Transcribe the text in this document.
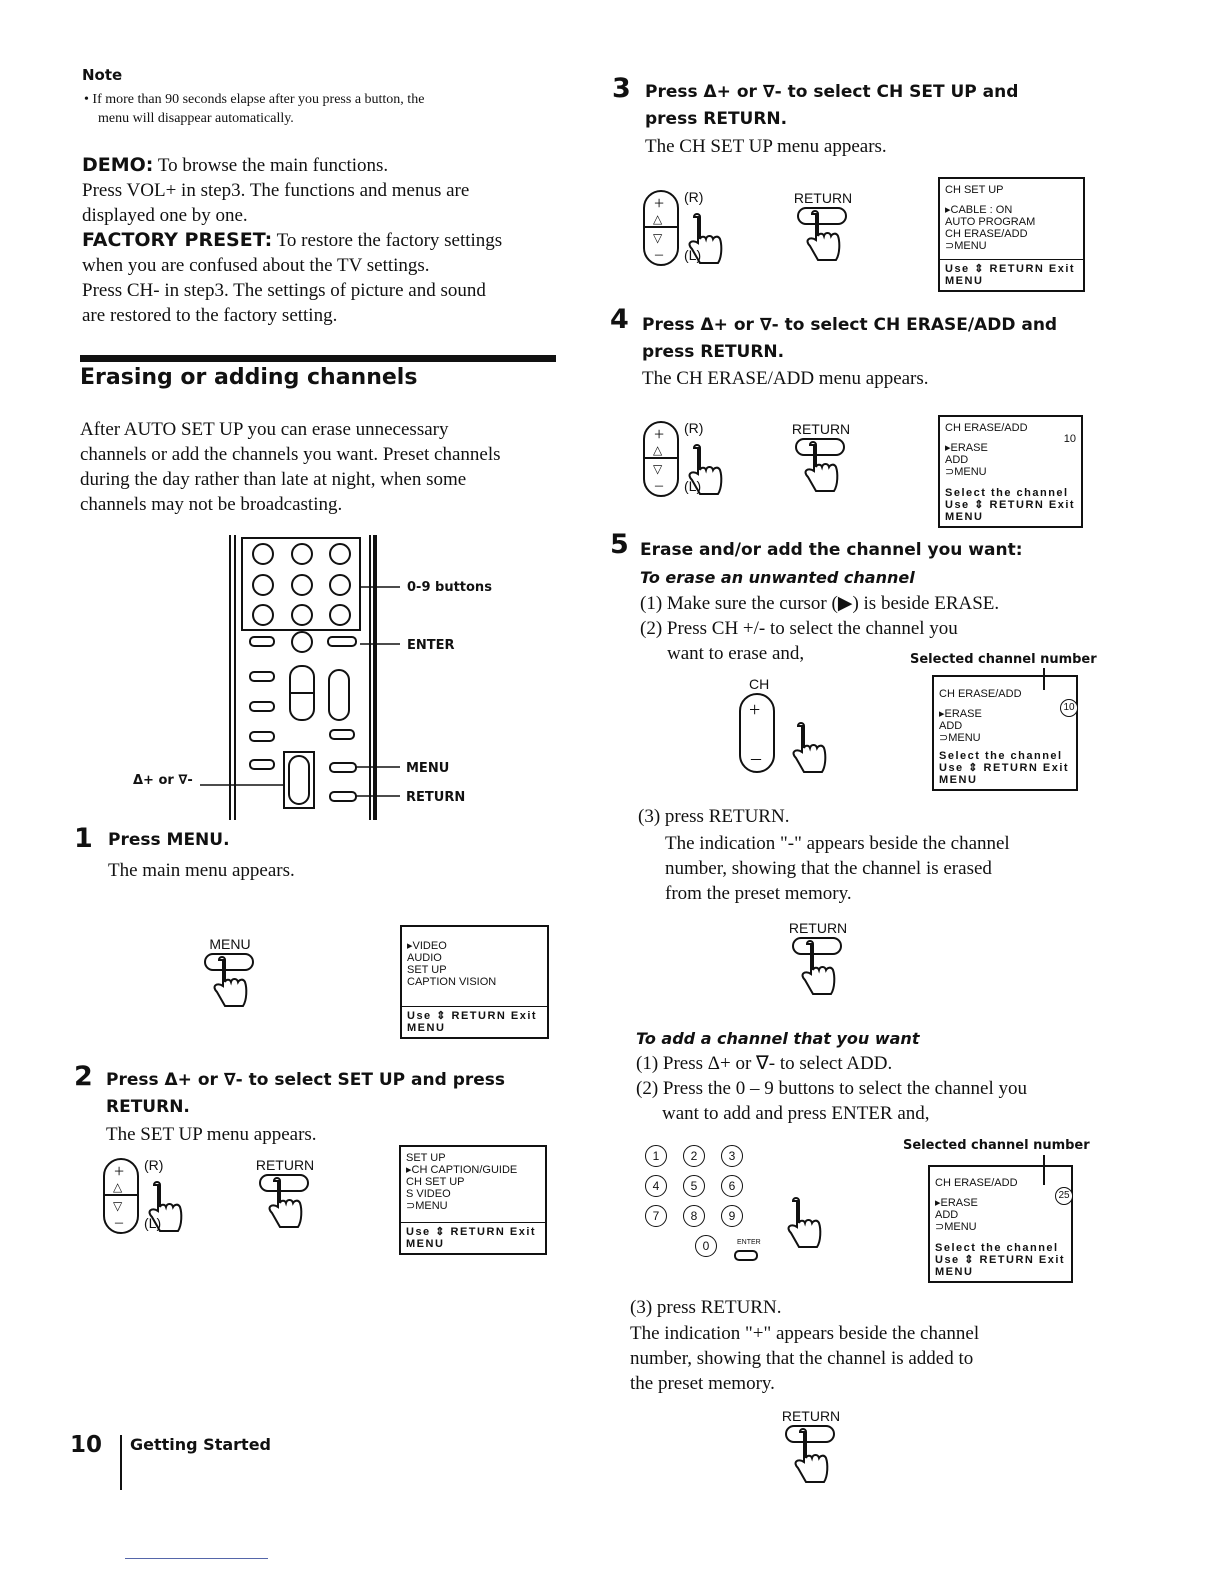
Note
• If more than 90 seconds elapse after you press a button, the
menu will disappear automatically.
DEMO: To browse the main functions.
Press VOL+ in step3. The functions and menus are
displayed one by one.
FACTORY PRESET: To restore the factory settings
when you are confused about the TV settings.
Press CH- in step3. The settings of picture and sound
are restored to the factory setting.
Erasing or adding channels
After AUTO SET UP you can erase unnecessary
channels or add the channels you want. Preset channels
during the day rather than late at night, when some
channels may not be broadcasting.
0-9 buttons
ENTER
MENU
RETURN
Δ+ or ∇-
1 Press MENU.
The main menu appears.
MENU	▸VIDEO
AUDIO
SET UP
CAPTION VISION
Use ⇕ RETURN Exit MENU
2 Press Δ+ or ∇- to select SET UP and press
RETURN.
The SET UP menu appears.
+
△
▽
–
(R)
(L)
RETURN	SET UP
▸CH CAPTION/GUIDE
CH SET UP
S VIDEO
⊃MENU
Use ⇕ RETURN Exit MENU
10 Getting Started
3 Press Δ+ or ∇- to select CH SET UP and
press RETURN.
The CH SET UP menu appears.
+
△
▽
–
(R)
(L)
RETURN	CH SET UP
▸CABLE : ON
AUTO PROGRAM
CH ERASE/ADD
⊃MENU
Use ⇕ RETURN Exit MENU
4 Press Δ+ or ∇- to select CH ERASE/ADD and
press RETURN.
The CH ERASE/ADD menu appears.
+
△
▽
–
(R)
(L)
RETURN	CH ERASE/ADD
10
▸ERASE
ADD
⊃MENU
Select the channel
Use ⇕ RETURN Exit MENU
5 Erase and/or add the channel you want:
To erase an unwanted channel
(1) Make sure the cursor (▶) is beside ERASE.
(2) Press CH +/- to select the channel you
want to erase and,	Selected channel number
CH
+
–
CH ERASE/ADD
10
▸ERASE
ADD
⊃MENU
Select the channel
Use ⇕ RETURN Exit MENU
(3) press RETURN.
The indication "-" appears beside the channel
number, showing that the channel is erased
from the preset memory.
RETURN
To add a channel that you want
(1) Press Δ+ or ∇- to select ADD.
(2) Press the 0 – 9 buttons to select the channel you
want to add and press ENTER and,
Selected channel number
ENTER
1	2	3
4	5	6
7	8	9
0
(3) press RETURN.
The indication "+" appears beside the channel
number, showing that the channel is added to
the preset memory.
CH ERASE/ADD
25
▸ERASE
ADD
⊃MENU
Select the channel
Use ⇕ RETURN Exit MENU
RETURN
